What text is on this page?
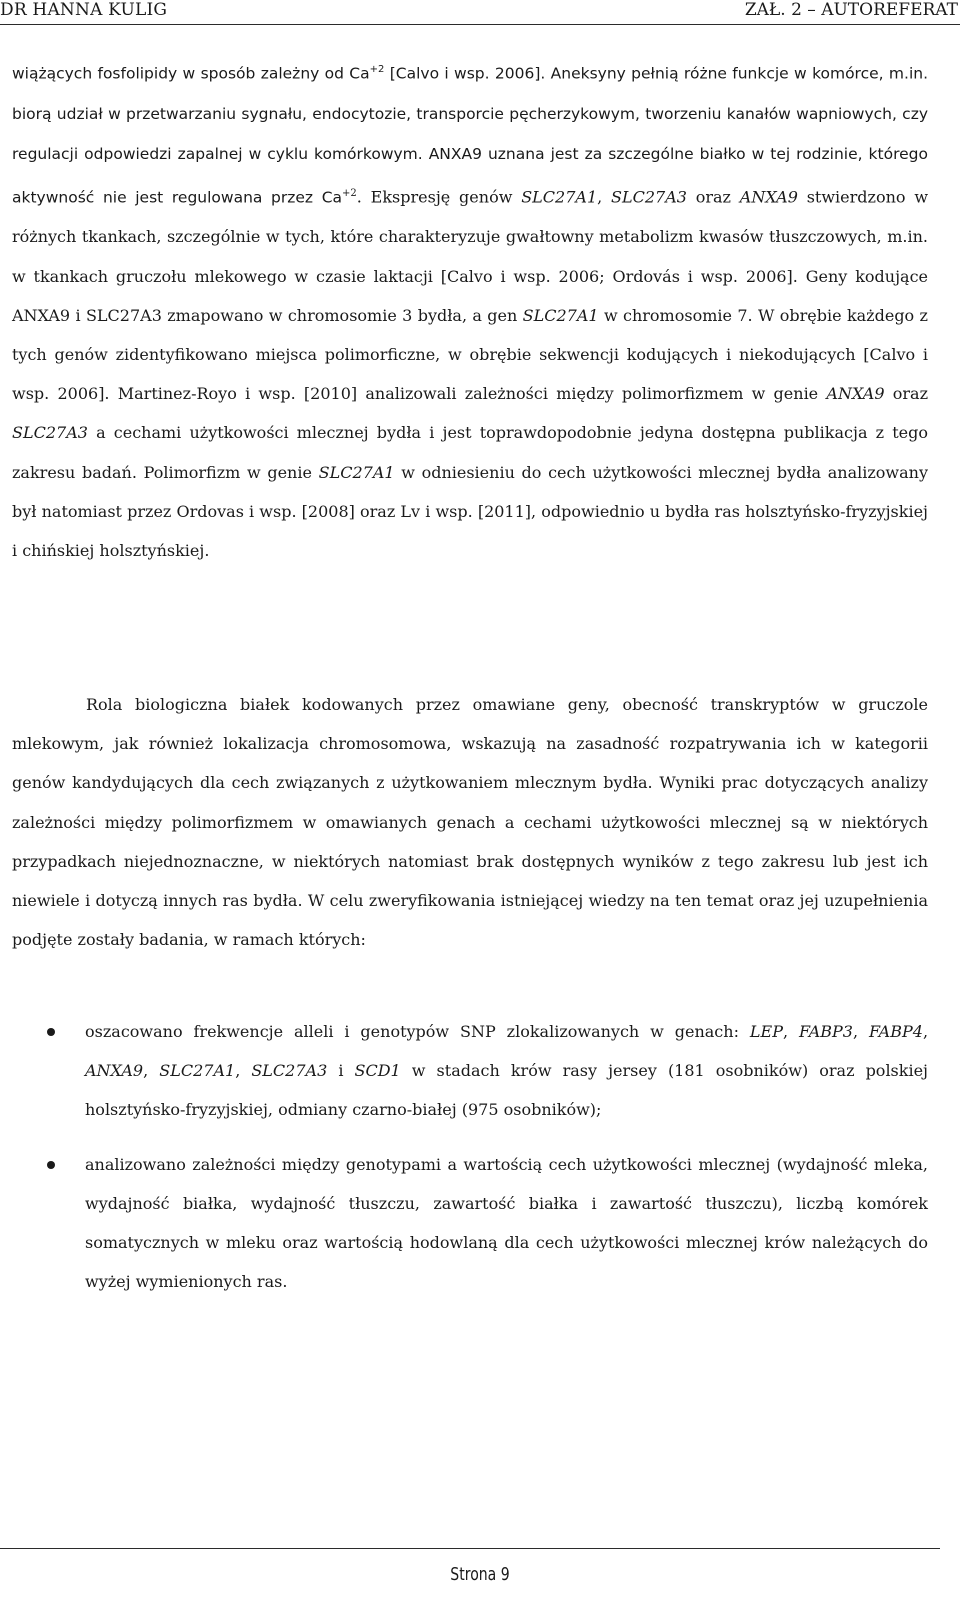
DR HANNA KULIG	ZAŁ. 2 – AUTOREFERAT

wiążących fosfolipidy w sposób zależny od $Ca^{+2}$ [Calvo i wsp. 2006]. Aneksyny pełnią różne funkcje w komórce, m.in. biorą udział w przetwarzaniu sygnału, endocytozie, transporcie pęcherzykowym, tworzeniu kanałów wapniowych, czy regulacji odpowiedzi zapalnej w cyklu komórkowym. ANXA9 uznana jest za szczególne białko w tej rodzinie, którego aktywność nie jest regulowana przez $Ca^{+2}$. Ekspresję genów SLC27A1, SLC27A3 oraz ANXA9 stwierdzono w różnych tkankach, szczególnie w tych, które charakteryzuje gwałtowny metabolizm kwasów tłuszczowych, m.in. w tkankach gruczołu mlekowego w czasie laktacji [Calvo i wsp. 2006; Ordovás i wsp. 2006]. Geny kodujące ANXA9 i SLC27A3 zmapowano w chromosomie 3 bydła, a gen SLC27A1 w chromosomie 7. W obrębie każdego z tych genów zidentyfikowano miejsca polimorficzne, w obrębie sekwencji kodujących i niekodujących [Calvo i wsp. 2006]. Martinez-Royo i wsp. [2010] analizowali zależności między polimorfizmem w genie ANXA9 oraz SLC27A3 a cechami użytkowości mlecznej bydła i jest toprawdopodobnie jedyna dostępna publikacja z tego zakresu badań. Polimorfizm w genie SLC27A1 w odniesieniu do cech użytkowości mlecznej bydła analizowany był natomiast przez Ordovas i wsp. [2008] oraz Lv i wsp. [2011], odpowiednio u bydła ras holsztyńsko-fryzyjskiej i chińskiej holsztyńskiej.

Rola biologiczna białek kodowanych przez omawiane geny, obecność transkryptów w gruczole mlekowym, jak również lokalizacja chromosomowa, wskazują na zasadność rozpatrywania ich w kategorii genów kandydujących dla cech związanych z użytkowaniem mlecznym bydła. Wyniki prac dotyczących analizy zależności między polimorfizmem w omawianych genach a cechami użytkowości mlecznej są w niektórych przypadkach niejednoznaczne, w niektórych natomiast brak dostępnych wyników z tego zakresu lub jest ich niewiele i dotyczą innych ras bydła. W celu zweryfikowania istniejącej wiedzy na ten temat oraz jej uzupełnienia podjęte zostały badania, w ramach których:

oszacowano frekwencje alleli i genotypów SNP zlokalizowanych w genach: LEP, FABP3, FABP4, ANXA9, SLC27A1, SLC27A3 i SCD1 w stadach krów rasy jersey (181 osobników) oraz polskiej holsztyńsko-fryzyjskiej, odmiany czarno-białej (975 osobników);
analizowano zależności między genotypami a wartością cech użytkowości mlecznej (wydajność mleka, wydajność białka, wydajność tłuszczu, zawartość białka i zawartość tłuszczu), liczbą komórek somatycznych w mleku oraz wartością hodowlaną dla cech użytkowości mlecznej krów należących do wyżej wymienionych ras.
Strona 9
